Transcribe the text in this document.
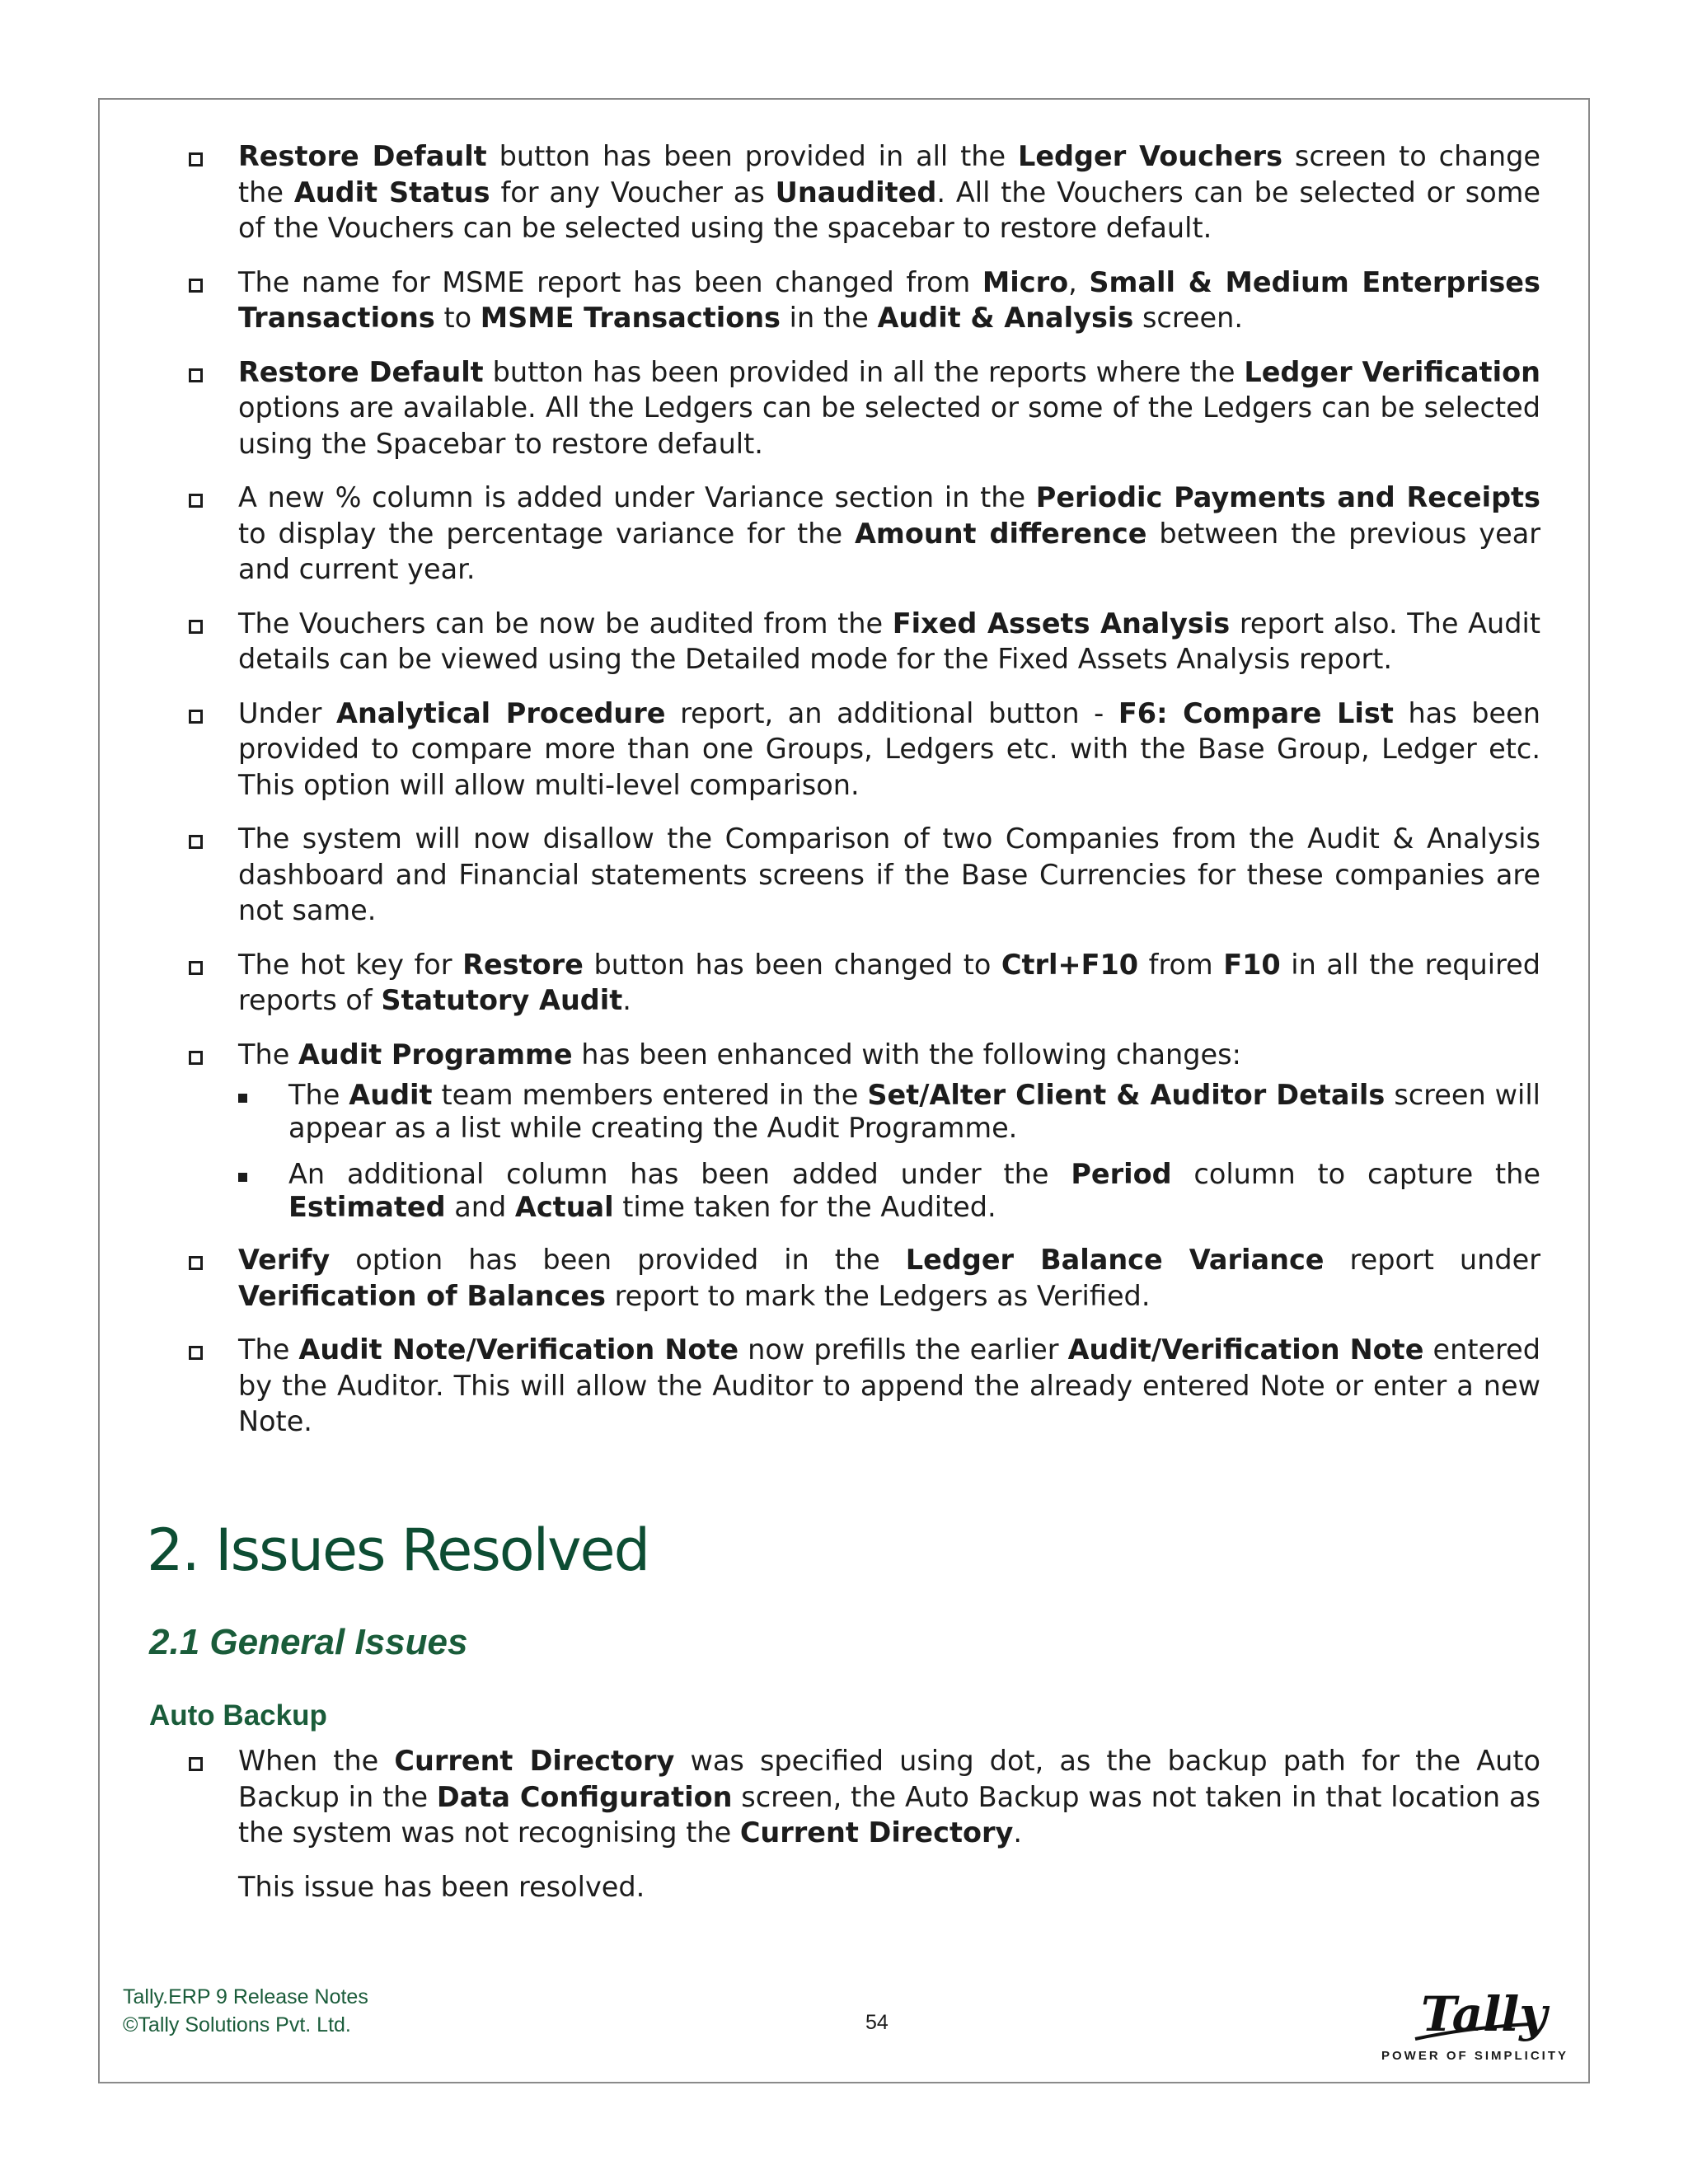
Restore Default button has been provided in all the Ledger Vouchers screen to change the Audit Status for any Voucher as Unaudited. All the Vouchers can be selected or some of the Vouchers can be selected using the spacebar to restore default.
The name for MSME report has been changed from Micro, Small & Medium Enterprises Transactions to MSME Transactions in the Audit & Analysis screen.
Restore Default button has been provided in all the reports where the Ledger Verification options are available. All the Ledgers can be selected or some of the Ledgers can be selected using the Spacebar to restore default.
A new % column is added under Variance section in the Periodic Payments and Receipts to display the percentage variance for the Amount difference between the previous year and current year.
The Vouchers can be now be audited from the Fixed Assets Analysis report also. The Audit details can be viewed using the Detailed mode for the Fixed Assets Analysis report.
Under Analytical Procedure report, an additional button - F6: Compare List has been provided to compare more than one Groups, Ledgers etc. with the Base Group, Ledger etc. This option will allow multi-level comparison.
The system will now disallow the Comparison of two Companies from the Audit & Analysis dashboard and Financial statements screens if the Base Currencies for these companies are not same.
The hot key for Restore button has been changed to Ctrl+F10 from F10 in all the required reports of Statutory Audit.
The Audit Programme has been enhanced with the following changes:
The Audit team members entered in the Set/Alter Client & Auditor Details screen will appear as a list while creating the Audit Programme.
An additional column has been added under the Period column to capture the Estimated and Actual time taken for the Audited.
Verify option has been provided in the Ledger Balance Variance report under Verification of Balances report to mark the Ledgers as Verified.
The Audit Note/Verification Note now prefills the earlier Audit/Verification Note entered by the Auditor. This will allow the Auditor to append the already entered Note or enter a new Note.
2. Issues Resolved
2.1 General Issues
Auto Backup
When the Current Directory was specified using dot, as the backup path for the Auto Backup in the Data Configuration screen, the Auto Backup was not taken in that location as the system was not recognising the Current Directory.
This issue has been resolved.
Tally.ERP 9 Release Notes
©Tally Solutions Pvt. Ltd.	54	Tally
POWER OF SIMPLICITY
